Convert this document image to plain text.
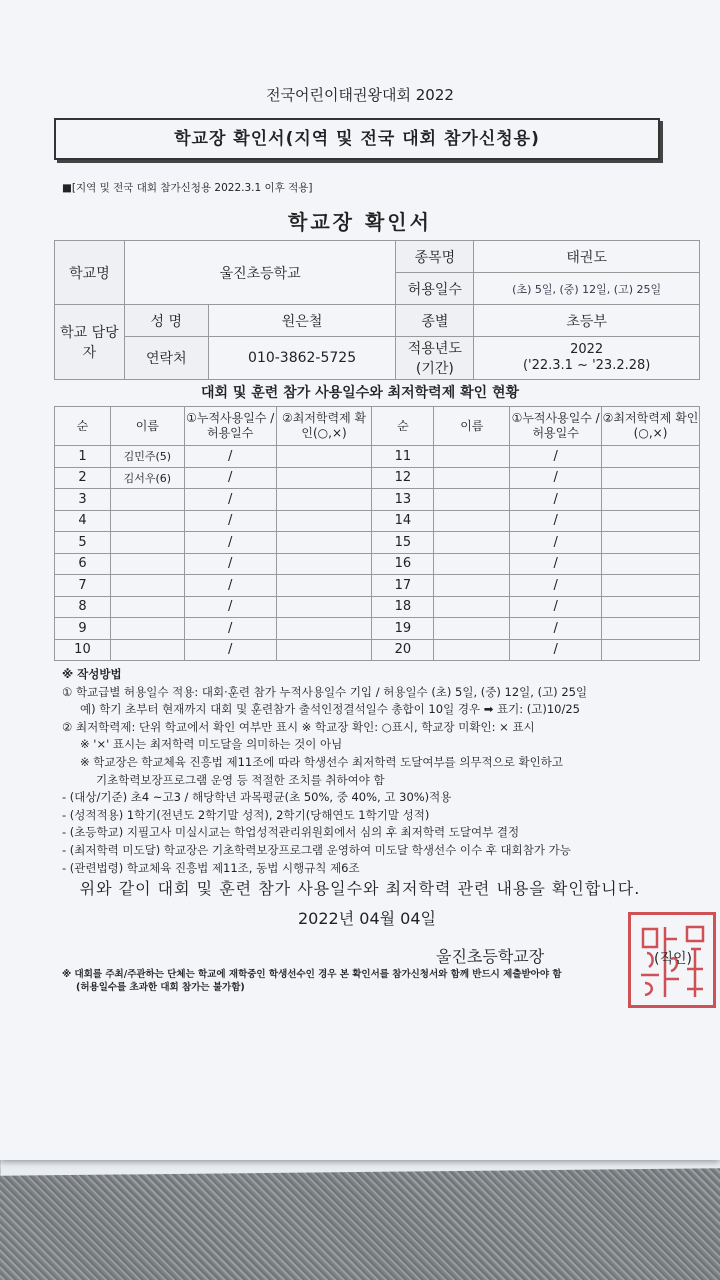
전국어린이태권왕대회 2022
학교장 확인서(지역 및 전국 대회 참가신청용)
■[지역 및 전국 대회 참가신청용 2022.3.1 이후 적용]
학교장 확인서
학교명	울진초등학교		종목명	태권도
			허용일수	(초) 5일, (중) 12일, (고) 25일
학교 담당자	성 명	원은철	종별	초등부
	연락처	010-3862-5725	적용년도 (기간)	2022
('22.3.1 ~ '23.2.28)
대회 및 훈련 참가 사용일수와 최저학력제 확인 현황
순	이름	①누적사용일수 /허용일수	②최저학력제 확인(○,×)	순	이름	①누적사용일수 /허용일수	②최저학력제 확인(○,×)
1	김민주(5)	/		11		/	
2	김서우(6)	/		12		/	
3		/		13		/	
4		/		14		/	
5		/		15		/	
6		/		16		/	
7		/		17		/	
8		/		18		/	
9		/		19		/	
10		/		20		/	
※ 작성방법
① 학교급별 허용일수 적용: 대회·훈련 참가 누적사용일수 기입 / 허용일수 (초) 5일, (중) 12일, (고) 25일
예) 학기 초부터 현재까지 대회 및 훈련참가 출석인정결석일수 총합이 10일 경우 ➡ 표기: (고)10/25
② 최저학력제: 단위 학교에서 확인 여부만 표시 ※ 학교장 확인: ○표시, 학교장 미확인: × 표시
※ '×' 표시는 최저학력 미도달을 의미하는 것이 아님
※ 학교장은 학교체육 진흥법 제11조에 따라 학생선수 최저학력 도달여부를 의무적으로 확인하고
기초학력보장프로그램 운영 등 적절한 조치를 취하여야 함
- (대상/기준) 초4 ~고3 / 해당학년 과목평균(초 50%, 중 40%, 고 30%)적용
- (성적적용) 1학기(전년도 2학기말 성적), 2학기(당해연도 1학기말 성적)
- (초등학교) 지필고사 미실시교는 학업성적관리위원회에서 심의 후 최저학력 도달여부 결정
- (최저학력 미도달) 학교장은 기초학력보장프로그램 운영하여 미도달 학생선수 이수 후 대회참가 가능
- (관련법령) 학교체육 진흥법 제11조, 동법 시행규칙 제6조
위와 같이 대회 및 훈련 참가 사용일수와 최저학력 관련 내용을 확인합니다.
2022년 04월 04일
울진초등학교장	(직인)
※ 대회를 주최/주관하는 단체는 학교에 재학중인 학생선수인 경우 본 확인서를 참가신청서와 함께 반드시 제출받아야 함
(허용일수를 초과한 대회 참가는 불가함)
